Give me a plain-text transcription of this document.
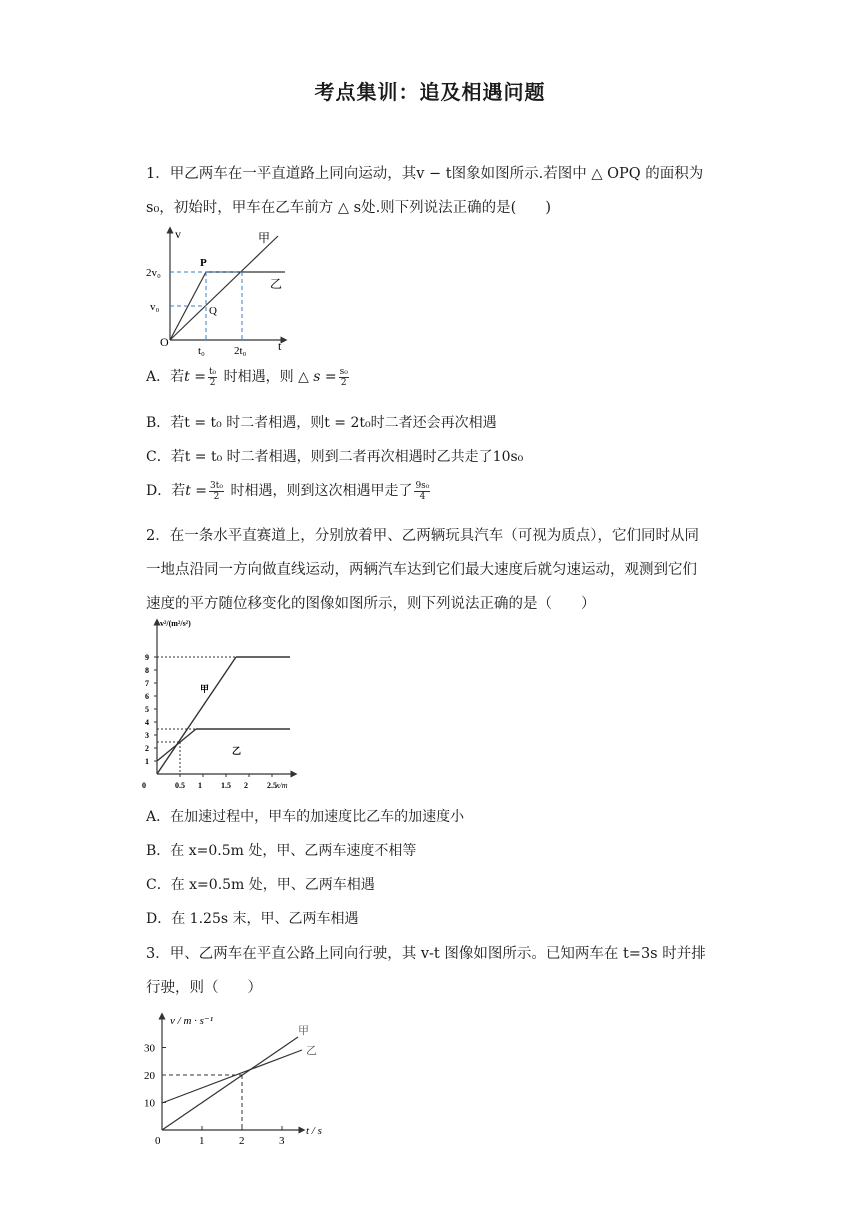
考点集训：追及相遇问题
1．甲乙两车在一平直道路上同向运动，其v − t图象如图所示.若图中 △ OPQ 的面积为
s₀，初始时，甲车在乙车前方 △ s处.则下列说法正确的是(　　)
v
t
O
甲
乙
P
Q
2v₀
v₀
t₀	2t₀
A．若$t = \frac{\text{t₀}}{2}$ 时相遇，则 △ $s = \frac{\text{s₀}}{2}$
B．若t = t₀ 时二者相遇，则t = 2t₀时二者还会再次相遇
C．若t = t₀ 时二者相遇，则到二者再次相遇时乙共走了10s₀
D．若$t = \frac{\text{3t₀}}{2}$ 时相遇，则到这次相遇甲走了 $\frac{\text{9s₀}}{4}$
2．在一条水平直赛道上，分别放着甲、乙两辆玩具汽车（可视为质点），它们同时从同
一地点沿同一方向做直线运动，两辆汽车达到它们最大速度后就匀速运动，观测到它们
速度的平方随位移变化的图像如图所示，则下列说法正确的是（　　）
1
2
3
4
5
6
7
8
9
0	0.5 1 1.5 2 2.5
v²/(m²/s²)
x/m
甲
乙
A．在加速过程中，甲车的加速度比乙车的加速度小
B．在 x=0.5m 处，甲、乙两车速度不相等
C．在 x=0.5m 处，甲、乙两车相遇
D．在 1.25s 末，甲、乙两车相遇
3．甲、乙两车在平直公路上同向行驶，其 v-t 图像如图所示。已知两车在 t=3s 时并排
行驶，则（　　）
10
20
30
0	1	2	3
v / m · s⁻¹
t / s
甲
乙
